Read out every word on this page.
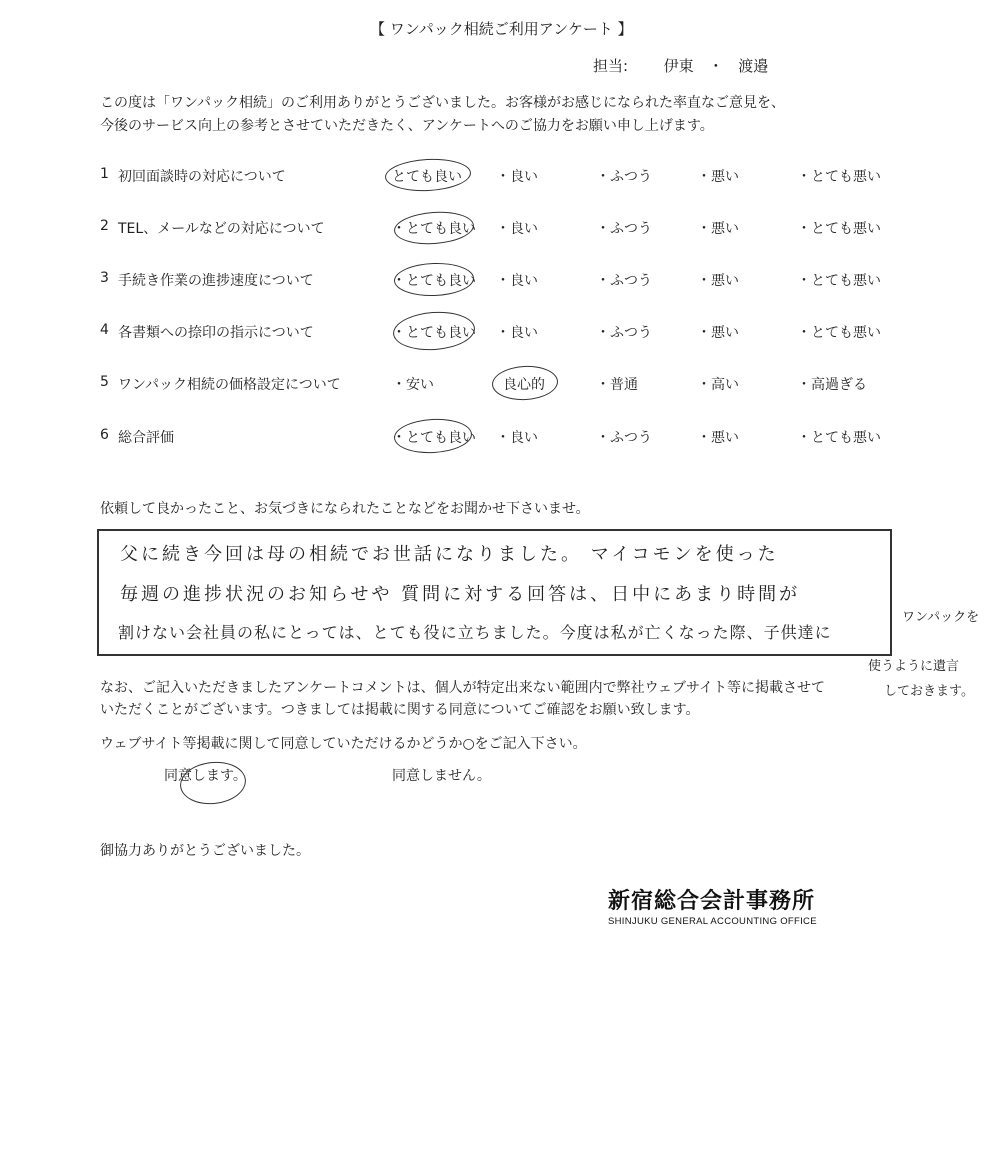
【 ワンパック相続ご利用アンケート 】
担当: 伊東 ・ 渡邉
この度は「ワンパック相続」のご利用ありがとうございました。お客様がお感じになられた率直なご意見を、
今後のサービス向上の参考とさせていただきたく、アンケートへのご協力をお願い申し上げます。
1 初回面談時の対応について	とても良い ・良い	・ふつう	・悪い	・とても悪い
2 TEL、メールなどの対応について	・とても良い ・良い	・ふつう	・悪い	・とても悪い
3 手続き作業の進捗速度について	・とても良い ・良い	・ふつう	・悪い	・とても悪い
4 各書類への捺印の指示について	・とても良い ・良い	・ふつう	・悪い	・とても悪い
5 ワンパック相続の価格設定について	・安い	良心的	・普通	・高い	・高過ぎる
6 総合評価	・とても良い ・良い	・ふつう	・悪い	・とても悪い
依頼して良かったこと、お気づきになられたことなどをお聞かせ下さいませ。
父に続き今回は母の相続でお世話になりました。 マイコモンを使った
毎週の進捗状況のお知らせや 質問に対する回答は、日中にあまり時間が
割けない会社員の私にとっては、とても役に立ちました。今度は私が亡くなった際、子供達に
ワンパックを
使うように遺言
しておきます。
なお、ご記入いただきましたアンケートコメントは、個人が特定出来ない範囲内で弊社ウェブサイト等に掲載させて
いただくことがございます。つきましては掲載に関する同意についてご確認をお願い致します。
ウェブサイト等掲載に関して同意していただけるかどうか○をご記入下さい。
同意します。	同意しません。
御協力ありがとうございました。
新宿総合会計事務所
SHINJUKU GENERAL ACCOUNTING OFFICE
